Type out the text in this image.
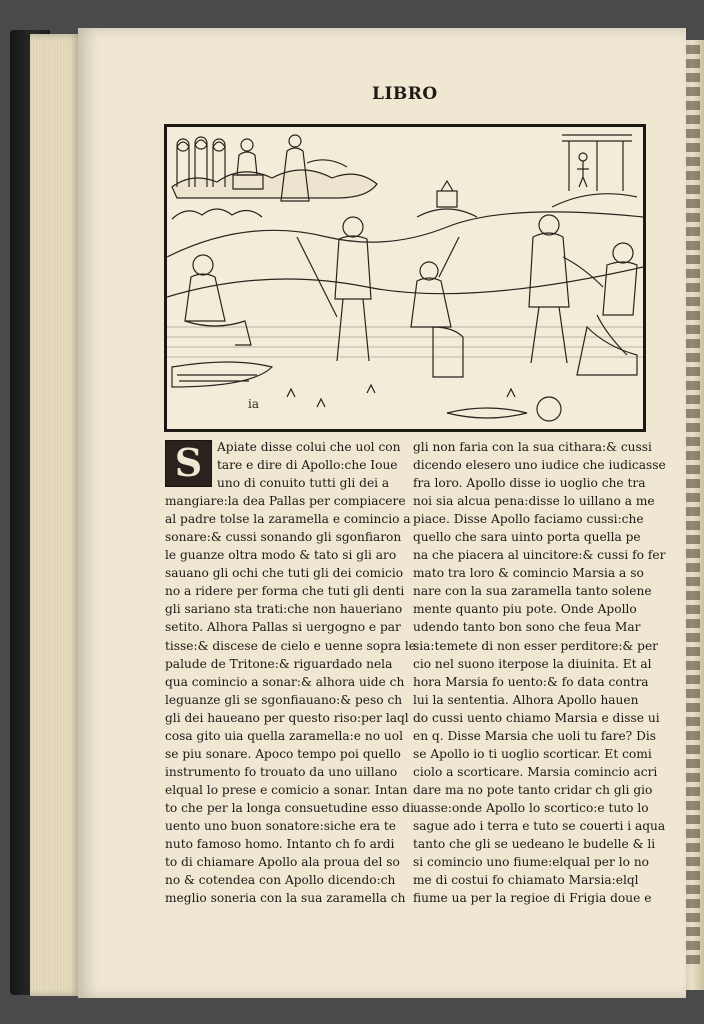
LIBRO
ia
S	Apiate disse colui che uol con
tare e dire di Apollo:che Ioue
uno di conuito tutti gli dei a
mangiare:la dea Pallas per compiacere
al padre tolse la zaramella e comincio a
sonare:& cussi sonando gli sgonfiaron
le guanze oltra modo & tato si gli aro
sauano gli ochi che tuti gli dei comicio
no a ridere per forma che tuti gli denti
gli sariano sta trati:che non haueriano
setito. Alhora Pallas si uergogno e par
tisse:& discese de cielo e uenne sopra le
palude de Tritone:& riguardado nela
qua comincio a sonar:& alhora uide ch
leguanze gli se sgonfiauano:& peso ch
gli dei haueano per questo riso:per laql
cosa gito uia quella zaramella:e no uol
se piu sonare. Apoco tempo poi quello
instrumento fo trouato da uno uillano
elqual lo prese e comicio a sonar. Intan
to che per la longa consuetudine esso di
uento uno buon sonatore:siche era te
nuto famoso homo. Intanto ch fo ardi
to di chiamare Apollo ala proua del so
no & cotendea con Apollo dicendo:ch
meglio soneria con la sua zaramella ch
gli non faria con la sua cithara:& cussi
dicendo elesero uno iudice che iudicasse
fra loro. Apollo disse io uoglio che tra
noi sia alcua pena:disse lo uillano a me
piace. Disse Apollo faciamo cussi:che
quello che sara uinto porta quella pe
na che piacera al uincitore:& cussi fo fer
mato tra loro & comincio Marsia a so
nare con la sua zaramella tanto solene
mente quanto piu pote. Onde Apollo
udendo tanto bon sono che feua Mar
sia:temete di non esser perditore:& per
cio nel suono iterpose la diuinita. Et al
hora Marsia fo uento:& fo data contra
lui la sententia. Alhora Apollo hauen
do cussi uento chiamo Marsia e disse ui
en q. Disse Marsia che uoli tu fare? Dis
se Apollo io ti uoglio scorticar. Et comi
ciolo a scorticare. Marsia comincio acri
dare ma no pote tanto cridar ch gli gio
uasse:onde Apollo lo scortico:e tuto lo
sague ado i terra e tuto se couerti i aqua
tanto che gli se uedeano le budelle & li
si comincio uno fiume:elqual per lo no
me di costui fo chiamato Marsia:elql
fiume ua per la regioe di Frigia doue e
